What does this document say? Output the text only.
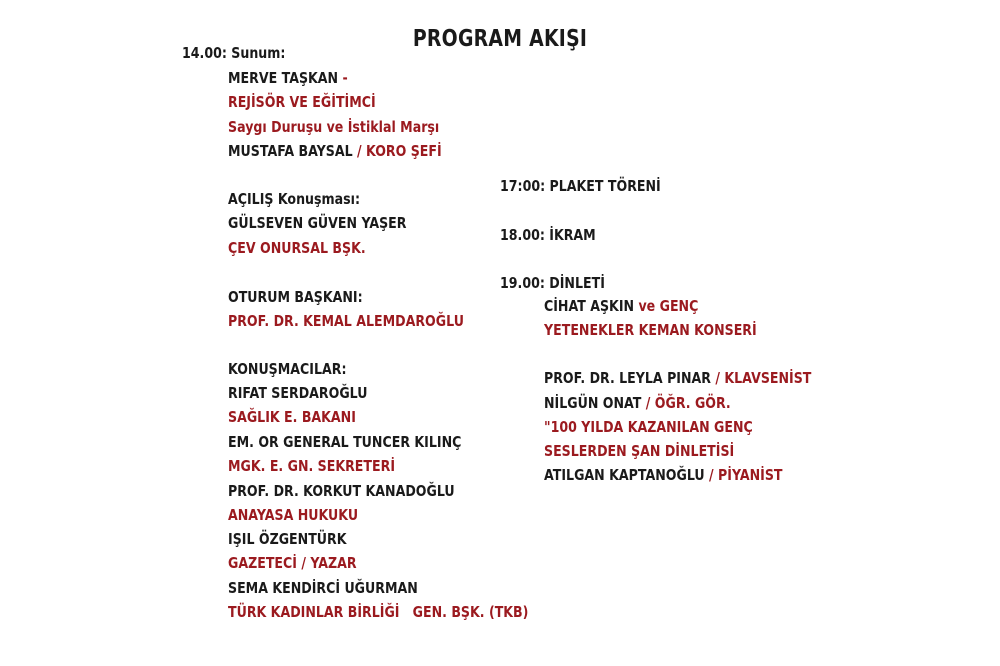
PROGRAM AKIŞI
14.00: Sunum:
MERVE TAŞKAN -
REJİSÖR VE EĞİTİMCİ
Saygı Duruşu ve İstiklal Marşı
MUSTAFA BAYSAL / KORO ŞEFİ
AÇILIŞ Konuşması:
GÜLSEVEN GÜVEN YAŞER
ÇEV ONURSAL BŞK.
OTURUM BAŞKANI:
PROF. DR. KEMAL ALEMDAROĞLU
KONUŞMACILAR:
RIFAT SERDAROĞLU
SAĞLIK E. BAKANI
EM. OR GENERAL TUNCER KILINÇ
MGK. E. GN. SEKRETERİ
PROF. DR. KORKUT KANADOĞLU
ANAYASA HUKUKU
IŞIL ÖZGENTÜRK
GAZETECİ / YAZAR
SEMA KENDİRCİ UĞURMAN
TÜRK KADINLAR BİRLİĞİ   GEN. BŞK. (TKB)
17:00: PLAKET TÖRENİ
18.00: İKRAM
19.00: DİNLETİ
CİHAT AŞKIN ve GENÇ
YETENEKLER KEMAN KONSERİ
PROF. DR. LEYLA PINAR / KLAVSENİST
NİLGÜN ONAT / ÖĞR. GÖR.
"100 YILDA KAZANILAN GENÇ
SESLERDEN ŞAN DİNLETİSİ
ATILGAN KAPTANOĞLU / PİYANİST
